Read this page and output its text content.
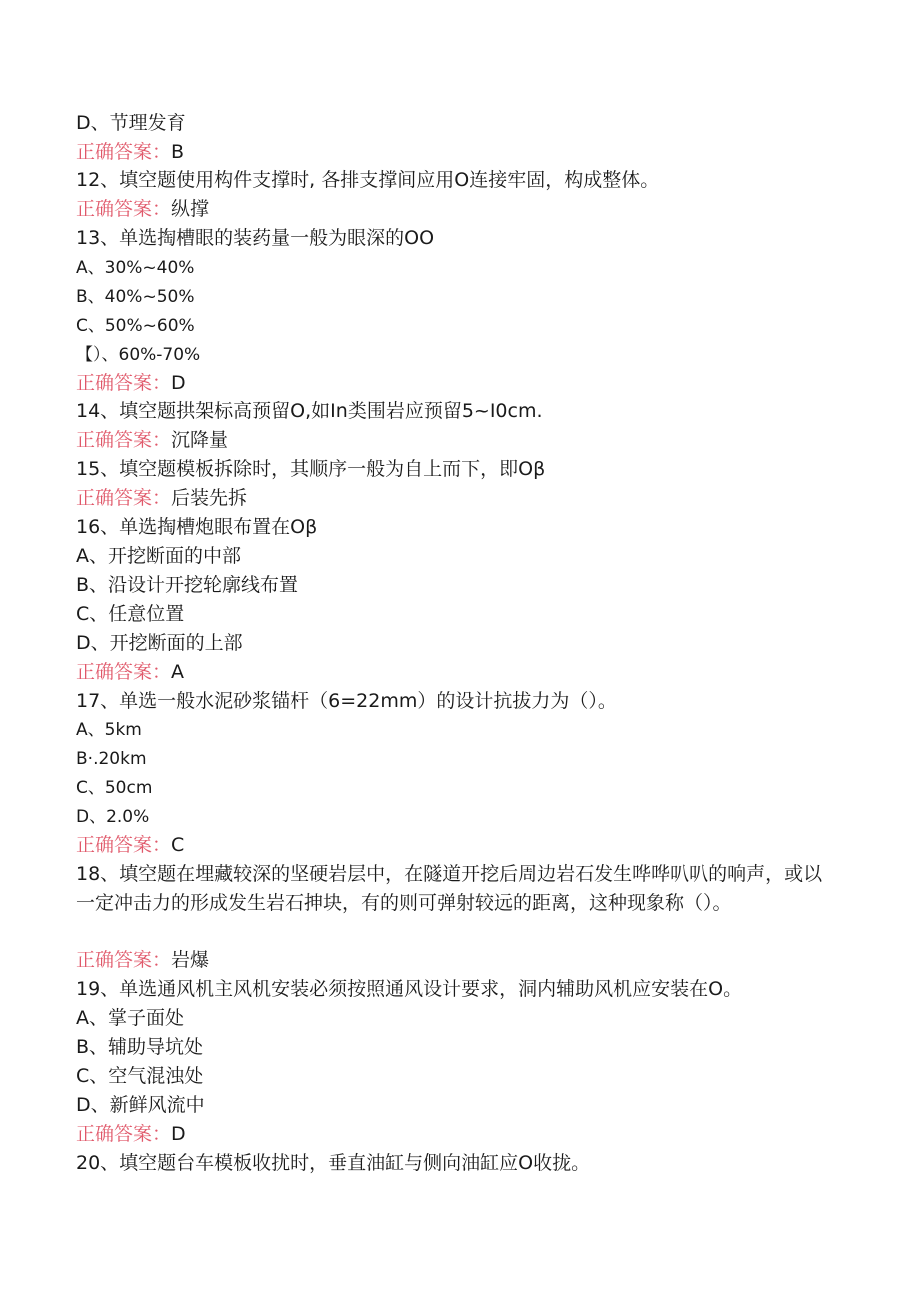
D、节理发育
正确答案：B
12、填空题使用构件支撑时, 各排支撑间应用O连接牢固，构成整体。
正确答案：纵撑
13、单选掏槽眼的装药量一般为眼深的OO
A、30%~40%
B、40%~50%
C、50%~60%
【）、60%-70%
正确答案：D
14、填空题拱架标高预留O,如In类围岩应预留5~I0cm.
正确答案：沉降量
15、填空题模板拆除时，其顺序一般为自上而下，即Oβ
正确答案：后装先拆
16、单选掏槽炮眼布置在Oβ
A、开挖断面的中部
B、沿设计开挖轮廓线布置
C、任意位置
D、开挖断面的上部
正确答案：A
17、单选一般水泥砂浆锚杆（6=22mm）的设计抗拔力为（）。
A、5km
B·.20km
C、50cm
D、2.0%
正确答案：C
18、填空题在埋藏较深的坚硬岩层中，在隧道开挖后周边岩石发生哗哗叭叭的响声，或以一定冲击力的形成发生岩石抻块，有的则可弹射较远的距离，这种现象称（）。
正确答案：岩爆
19、单选通风机主风机安装必须按照通风设计要求，洞内辅助风机应安装在O。
A、掌子面处
B、辅助导坑处
C、空气混浊处
D、新鲜风流中
正确答案：D
20、填空题台车模板收扰时，垂直油缸与侧向油缸应O收拢。
